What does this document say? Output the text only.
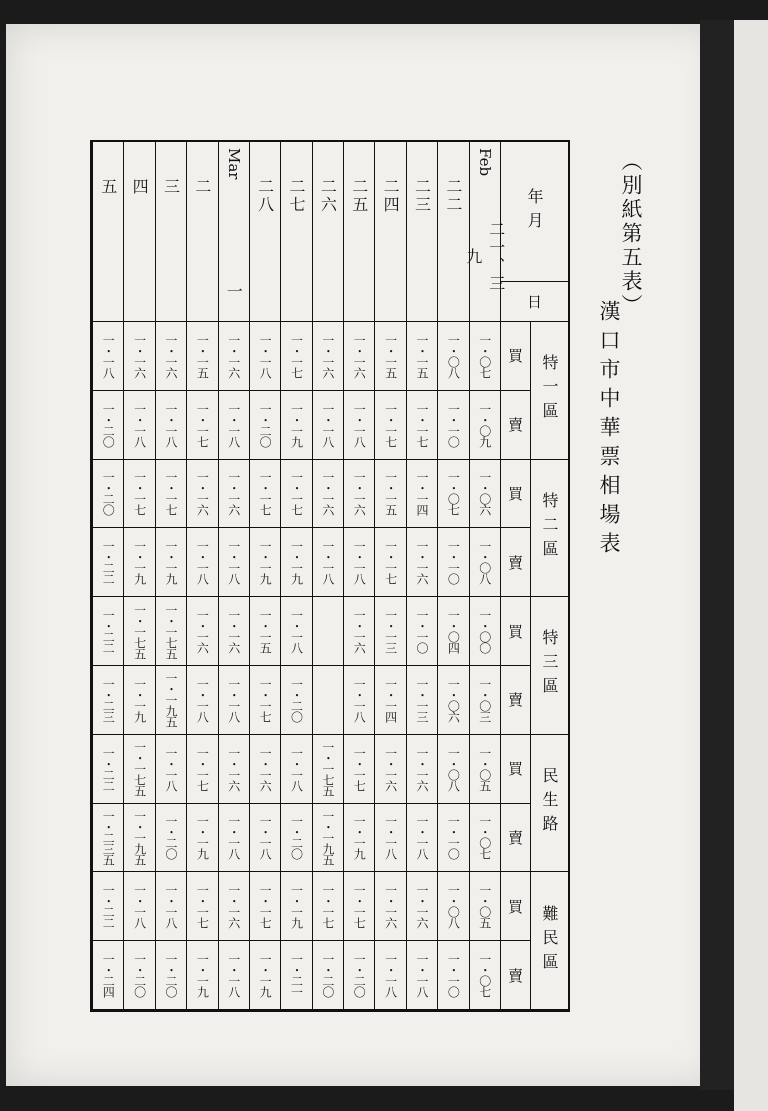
（別紙第五表）
漢口市中華票相場表
年月
日
特一區
買
賣
特二區
買
賣
特三區
買
賣
民生路
買
賣
難民區
買
賣
二一、三九
Feb
一・〇七
一・〇九
一・〇六
一・〇八
一・〇〇
一・〇三
一・〇五
一・〇七
一・〇五
一・〇七
二二
一・〇八
一・一〇
一・〇七
一・一〇
一・〇四
一・〇六
一・〇八
一・一〇
一・〇八
一・一〇
二三
一・一五
一・一七
一・一四
一・一六
一・一〇
一・一三
一・一六
一・一八
一・一六
一・一八
二四
一・一五
一・一七
一・一五
一・一七
一・一三
一・一四
一・一六
一・一八
一・一六
一・一八
二五
一・一六
一・一八
一・一六
一・一八
一・一六
一・一八
一・一七
一・一九
一・一七
一・二〇
二六
一・一六
一・一八
一・一六
一・一八
一・一七五
一・一九五
一・一七
一・二〇
二七
一・一七
一・一九
一・一七
一・一九
一・一八
一・二〇
一・一八
一・二〇
一・一九
一・二一
二八
一・一八
一・二〇
一・一七
一・一九
一・一五
一・一七
一・一六
一・一八
一・一七
一・一九
一
Mar
一・一六
一・一八
一・一六
一・一八
一・一六
一・一八
一・一六
一・一八
一・一六
一・一八
二
一・一五
一・一七
一・一六
一・一八
一・一六
一・一八
一・一七
一・一九
一・一七
一・一九
三
一・一六
一・一八
一・一七
一・一九
一・一七五
一・一九五
一・一八
一・二〇
一・一八
一・二〇
四
一・一六
一・一八
一・一七
一・一九
一・一七五
一・一九
一・一七五
一・一九五
一・一八
一・二〇
五
一・一八
一・二〇
一・二〇
一・二二
一・二二
一・二三
一・二二
一・二三五
一・二二
一・二四
